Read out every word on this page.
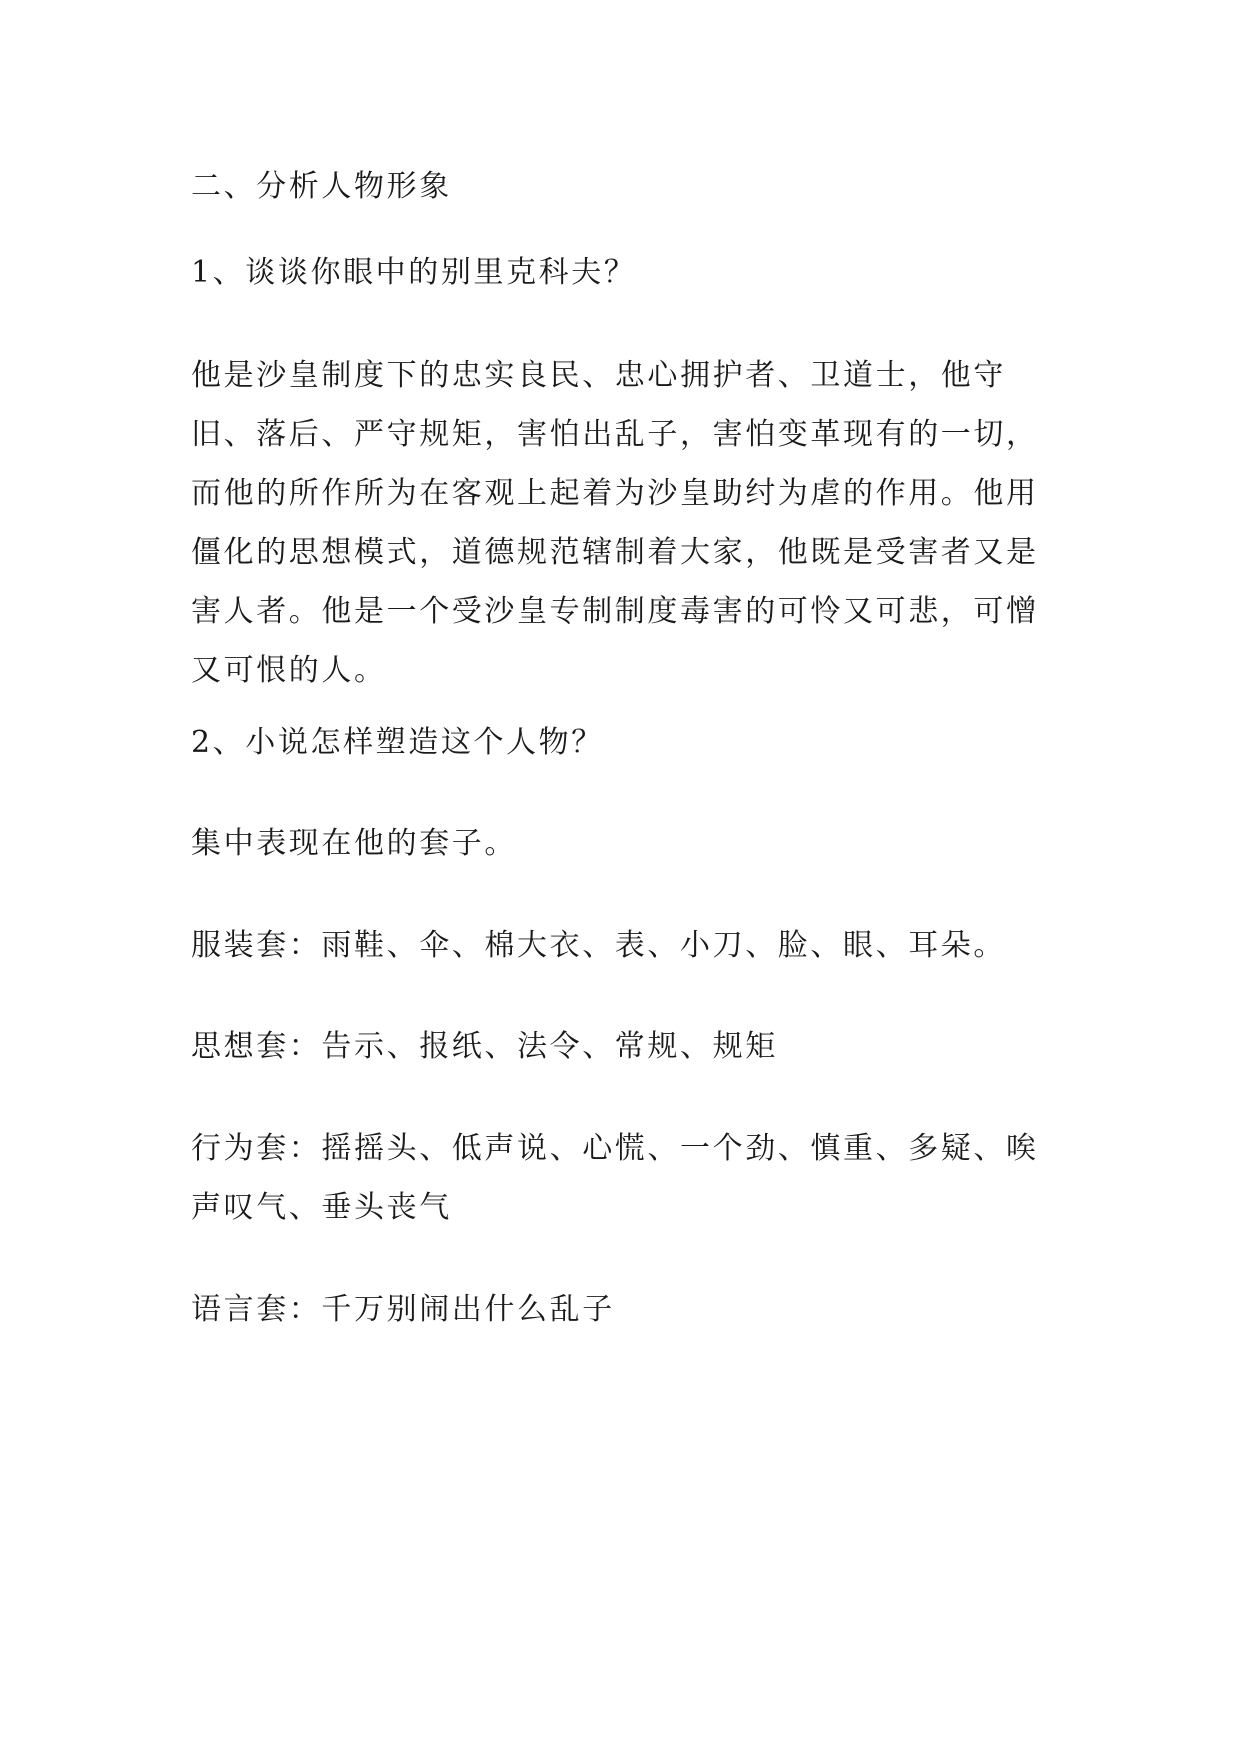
二、分析人物形象

1、谈谈你眼中的别里克科夫？

他是沙皇制度下的忠实良民、忠心拥护者、卫道士，他守旧、落后、严守规矩，害怕出乱子，害怕变革现有的一切，而他的所作所为在客观上起着为沙皇助纣为虐的作用。他用僵化的思想模式，道德规范辖制着大家，他既是受害者又是害人者。他是一个受沙皇专制制度毒害的可怜又可悲，可憎又可恨的人。

2、小说怎样塑造这个人物？

集中表现在他的套子。

服装套：雨鞋、伞、棉大衣、表、小刀、脸、眼、耳朵。

思想套：告示、报纸、法令、常规、规矩

行为套：摇摇头、低声说、心慌、一个劲、慎重、多疑、唉声叹气、垂头丧气

语言套：千万别闹出什么乱子
